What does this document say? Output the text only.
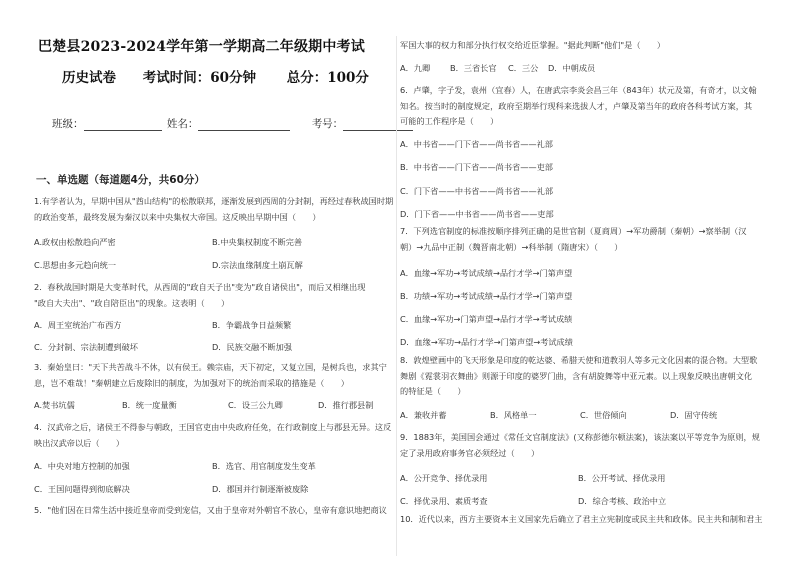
巴楚县2023-2024学年第一学期高二年级期中考试
历史试卷 考试时间：60分钟 总分：100分
班级：	姓名：	考号：
一、单选题（每道题4分，共60分）
1.有学者认为，早期中国从"酋山结构"的松散联邦，逐渐发展到西周的分封制，再经过春秋战国时期
的政治变革，最终发展为秦汉以来中央集权大帝国。这反映出早期中国（　　）
A.政权由松散趋向严密	B.中央集权制度不断完善
C.思想由多元趋向统一	D.宗法血缘制度土崩瓦解
2．春秋战国时期是大变革时代，从西周的"政自天子出"变为"政自诸侯出"，而后又相继出现
"政自大夫出"、"政自陪臣出"的现象。这表明（　　）
A．周王室统治广布西方	B．争霸战争日益频繁
C．分封制、宗法制遭到破坏	D．民族交融不断加强
3．秦始皇曰："天下共苦战斗不休，以有侯王。赖宗庙，天下初定，又复立国，是树兵也，求其宁
息，岂不难哉！"秦朝建立后废除旧的制度，为加强对下的统治而采取的措施是（　　）
A.焚书坑儒	B．统一度量衡	C．设三公九卿	D．推行郡县制
4．汉武帝之后，诸侯王不得参与朝政，王国官吏由中央政府任免，在行政制度上与郡县无异。这反
映出汉武帝以后（　　）
A．中央对地方控制的加强	B．选官、用官制度发生变革
C．王国问题得到彻底解决	D．郡国并行制逐渐被废除
5．"他们因在日常生活中接近皇帝而受到宠信，又由于皇帝对外朝官不放心，皇帝有意识地把商议
军国大事的权力和部分执行权交给近臣掌握。"据此判断"他们"是（　　）
A．九卿 B．三省长官 C．三公 D．中朝成员
6．卢肇，字子发，袁州（宜春）人，在唐武宗李炎会昌三年（843年）状元及第，有奇才，以文翰
知名。按当时的制度规定，政府至期举行现科来选拔人才，卢肇及第当年的政府各科考试方案，其
可能的工作程序是（　　）
A．中书省——门下省——尚书省——礼部
B．中书省——门下省——尚书省——吏部
C．门下省——中书省——尚书省——礼部
D．门下省——中书省——尚书省——吏部
7．下列选官制度的标准按顺序排列正确的是世官制（夏商周）→军功爵制（秦朝）→察举制（汉
朝）→九品中正制（魏晋南北朝）→科举制（隋唐宋）（　　）
A．血缘→军功→考试成绩→品行才学→门第声望
B．功绩→军功→考试成绩→品行才学→门第声望
C．血缘→军功→门第声望→品行才学→考试成绩
D．血缘→军功→品行才学→门第声望→考试成绩
8．敦煌壁画中的飞天形象是印度的乾达婆、希腊天使和道教羽人等多元文化因素的混合物。大型歌
舞剧《霓裳羽衣舞曲》则源于印度的婆罗门曲，含有胡旋舞等中亚元素。以上现象反映出唐朝文化
的特征是（　　）
A．兼收并蓄	B．风格单一	C．世俗倾向	D．固守传统
9．1883年，美国国会通过《常任文官制度法》(又称彭德尔顿法案)，该法案以平等竞争为原则，规
定了录用政府事务官必须经过（　　）
A．公开竞争、择优录用	B．公开考试、择优录用
C．择优录用、素质考查	D．综合考核、政治中立
10．近代以来，西方主要资本主义国家先后确立了君主立宪制度或民主共和政体。民主共和制和君主
